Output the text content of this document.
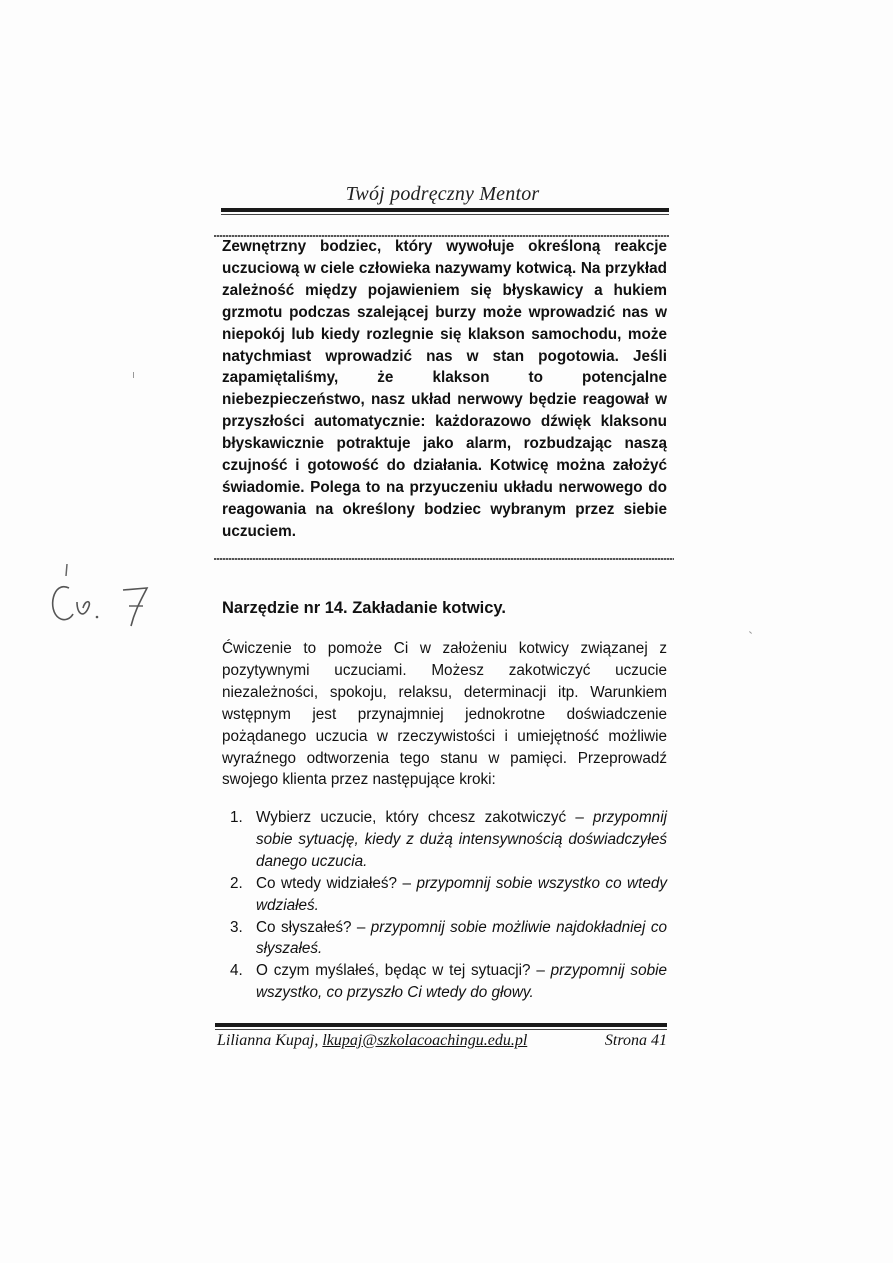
Twój podręczny Mentor

Zewnętrzny bodziec, który wywołuje określoną reakcje uczuciową w ciele człowieka nazywamy kotwicą. Na przykład zależność między pojawieniem się błyskawicy a hukiem grzmotu podczas szalejącej burzy może wprowadzić nas w niepokój lub kiedy rozlegnie się klakson samochodu, może natychmiast wprowadzić nas w stan pogotowia. Jeśli zapamiętaliśmy, że klakson to potencjalne niebezpieczeństwo, nasz układ nerwowy będzie reagował w przyszłości automatycznie: każdorazowo dźwięk klaksonu błyskawicznie potraktuje jako alarm, rozbudzając naszą czujność i gotowość do działania. Kotwicę można założyć świadomie. Polega to na przyuczeniu układu nerwowego do reagowania na określony bodziec wybranym przez siebie uczuciem.

Narzędzie nr 14. Zakładanie kotwicy.

Ćwiczenie to pomoże Ci w założeniu kotwicy związanej z pozytywnymi uczuciami. Możesz zakotwiczyć uczucie niezależności, spokoju, relaksu, determinacji itp. Warunkiem wstępnym jest przynajmniej jednokrotne doświadczenie pożądanego uczucia w rzeczywistości i umiejętność możliwie wyraźnego odtworzenia tego stanu w pamięci. Przeprowadź swojego klienta przez następujące kroki:

1. Wybierz uczucie, który chcesz zakotwiczyć – przypomnij sobie sytuację, kiedy z dużą intensywnością doświadczyłeś danego uczucia.
2. Co wtedy widziałeś? – przypomnij sobie wszystko co wtedy wdziałeś.
3. Co słyszałeś? – przypomnij sobie możliwie najdokładniej co słyszałeś.
4. O czym myślałeś, będąc w tej sytuacji? – przypomnij sobie wszystko, co przyszło Ci wtedy do głowy.
Lilianna Kupaj, lkupaj@szkolacoachingu.edu.pl	Strona 41
